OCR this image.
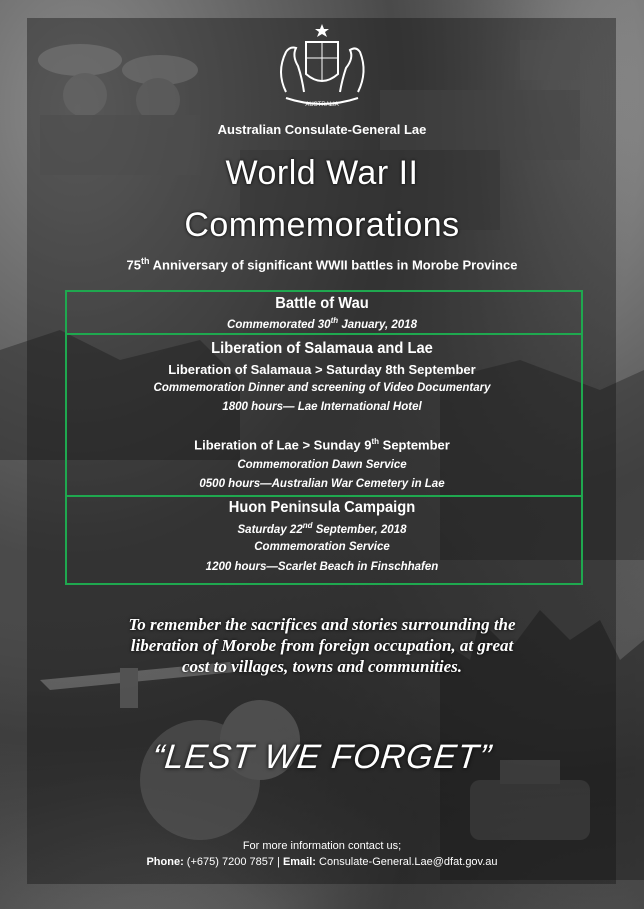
AUSTRALIA
Australian Consulate-General Lae
World War II
Commemorations
75th Anniversary of significant WWII battles in Morobe Province
Battle of Wau
Commemorated 30th January, 2018
Liberation of Salamaua and Lae
Liberation of Salamaua > Saturday 8th September
Commemoration Dinner and screening of Video Documentary
1800 hours— Lae International Hotel
Liberation of Lae > Sunday 9th September
Commemoration Dawn Service
0500 hours—Australian War Cemetery in Lae
Huon Peninsula Campaign
Saturday 22nd September, 2018
Commemoration Service
1200 hours—Scarlet Beach in Finschhafen
To remember the sacrifices and stories surrounding the
liberation of Morobe from foreign occupation, at great
cost to villages, towns and communities.
“LEST WE FORGET”
For more information contact us;
Phone: (+675) 7200 7857 | Email: Consulate-General.Lae@dfat.gov.au
